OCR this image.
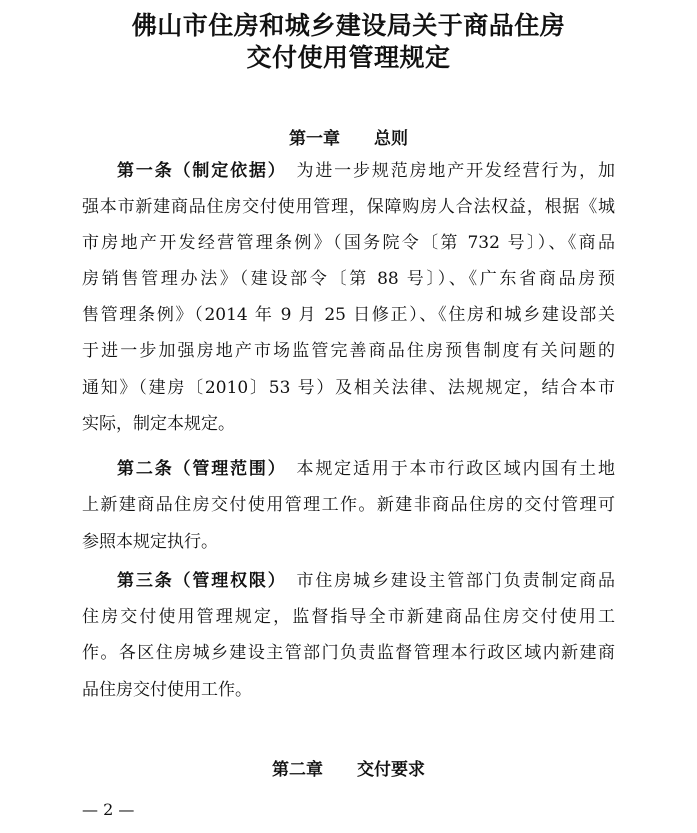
佛山市住房和城乡建设局关于商品住房
交付使用管理规定
第一章 总则
第一条（制定依据） 为进一步规范房地产开发经营行为，加
强本市新建商品住房交付使用管理，保障购房人合法权益，根据《城
市房地产开发经营管理条例》（国务院令〔第 732 号〕）、《商品
房销售管理办法》（建设部令〔第 88 号〕）、《广东省商品房预
售管理条例》（2014 年 9 月 25 日修正）、《住房和城乡建设部关
于进一步加强房地产市场监管完善商品住房预售制度有关问题的
通知》（建房〔2010〕53 号）及相关法律、法规规定，结合本市
实际，制定本规定。
第二条（管理范围） 本规定适用于本市行政区域内国有土地
上新建商品住房交付使用管理工作。新建非商品住房的交付管理可
参照本规定执行。
第三条（管理权限） 市住房城乡建设主管部门负责制定商品
住房交付使用管理规定，监督指导全市新建商品住房交付使用工
作。各区住房城乡建设主管部门负责监督管理本行政区域内新建商
品住房交付使用工作。
第二章 交付要求
— 2 —
